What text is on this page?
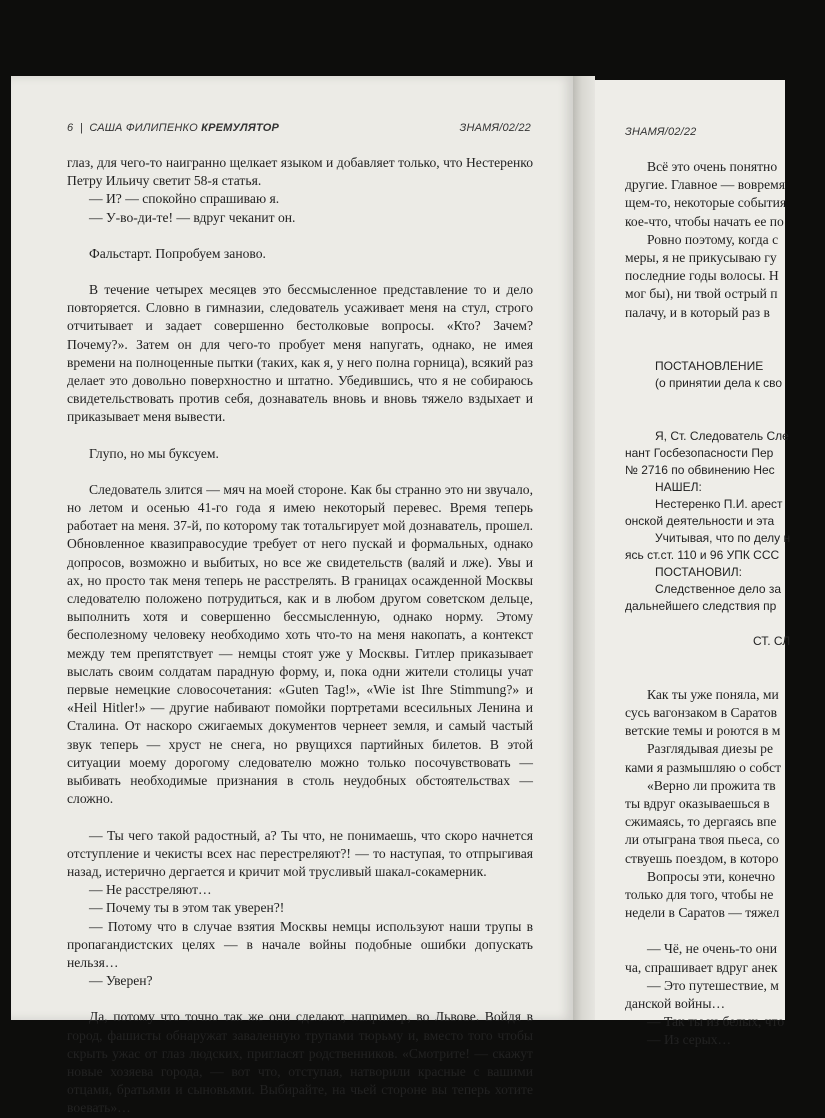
6 | САША ФИЛИПЕНКО КРЕМУЛЯТОР	ЗНАМЯ/02/22

глаз, для чего-то наигранно щелкает языком и добавляет только, что Нестеренко Петру Ильичу светит 58-я статья.

— И? — спокойно спрашиваю я.

— У-во-ди-те! — вдруг чеканит он.

Фальстарт. Попробуем заново.

В течение четырех месяцев это бессмысленное представление то и дело повторяется. Словно в гимназии, следователь усаживает меня на стул, строго отчитывает и задает совершенно бестолковые вопросы. «Кто? Зачем? Почему?». Затем он для чего-то пробует меня напугать, однако, не имея времени на полноценные пытки (таких, как я, у него полна горница), всякий раз делает это довольно поверхностно и штатно. Убедившись, что я не собираюсь свидетельствовать против себя, дознаватель вновь и вновь тяжело вздыхает и приказывает меня вывести.

Глупо, но мы буксуем.

Следователь злится — мяч на моей стороне. Как бы странно это ни звучало, но летом и осенью 41-го года я имею некоторый перевес. Время теперь работает на меня. 37-й, по которому так тотальгирует мой дознаватель, прошел. Обновленное квазиправосудие требует от него пускай и формальных, однако допросов, возможно и выбитых, но все же свидетельств (валяй и лже). Увы и ах, но просто так меня теперь не расстрелять. В границах осажденной Москвы следователю положено потрудиться, как и в любом другом советском дельце, выполнить хотя и совершенно бессмысленную, однако норму. Этому бесполезному человеку необходимо хоть что-то на меня накопать, а контекст между тем препятствует — немцы стоят уже у Москвы. Гитлер приказывает выслать своим солдатам парадную форму, и, пока одни жители столицы учат первые немецкие словосочетания: «Guten Tag!», «Wie ist Ihre Stimmung?» и «Heil Hitler!» — другие набивают помойки портретами всесильных Ленина и Сталина. От наскоро сжигаемых документов чернеет земля, и самый частый звук теперь — хруст не снега, но рвущихся партийных билетов. В этой ситуации моему дорогому следователю можно только посочувствовать — выбивать необходимые признания в столь неудобных обстоятельствах — сложно.

— Ты чего такой радостный, а? Ты что, не понимаешь, что скоро начнется отступление и чекисты всех нас перестреляют?! — то наступая, то отпрыгивая назад, истерично дергается и кричит мой трусливый шакал-сокамерник.

— Не расстреляют…

— Почему ты в этом так уверен?!

— Потому что в случае взятия Москвы немцы используют наши трупы в пропагандистских целях — в начале войны подобные ошибки допускать нельзя…

— Уверен?

Да, потому что точно так же они сделают, например, во Львове. Войдя в город, фашисты обнаружат заваленную трупами тюрьму и, вместо того чтобы скрыть ужас от глаз людских, пригласят родственников. «Смотрите! — скажут новые хозяева города, — вот что, отступая, натворили красные с вашими отцами, братьями и сыновьями. Выбирайте, на чьей стороне вы теперь хотите воевать»…

ЗНАМЯ/02/22

Всё это очень понятно

другие. Главное — вовремя

щем-то, некоторые события

кое-что, чтобы начать ее по

Ровно поэтому, когда с

меры, я не прикусываю гу

последние годы волосы. Н

мог бы), ни твой острый п

палачу, и в который раз в

ПОСТАНОВЛЕНИЕ

(о принятии дела к сво

Я, Ст. Следователь Сле

нант Госбезопасности Пер

№ 2716 по обвинению Нес

НАШЕЛ:

Нестеренко П.И. арест

онской деятельности и эта

Учитывая, что по делу н

ясь ст.ст. 110 и 96 УПК ССС

ПОСТАНОВИЛ:

Следственное дело за

дальнейшего следствия пр

СТ. СЛ

Как ты уже поняла, ми

сусь вагонзаком в Саратов

ветские темы и роются в м

Разглядывая диезы ре

ками я размышляю о собст

«Верно ли прожита тв

ты вдруг оказываешься в

сжимаясь, то дергаясь впе

ли отыграна твоя пьеса, со

ствуешь поездом, в которо

Вопросы эти, конечно

только для того, чтобы не

недели в Саратов — тяжел

— Чё, не очень-то они

ча, спрашивает вдруг анек

— Это путешествие, м

данской войны…

— Так ты из белых, что

— Из серых…
